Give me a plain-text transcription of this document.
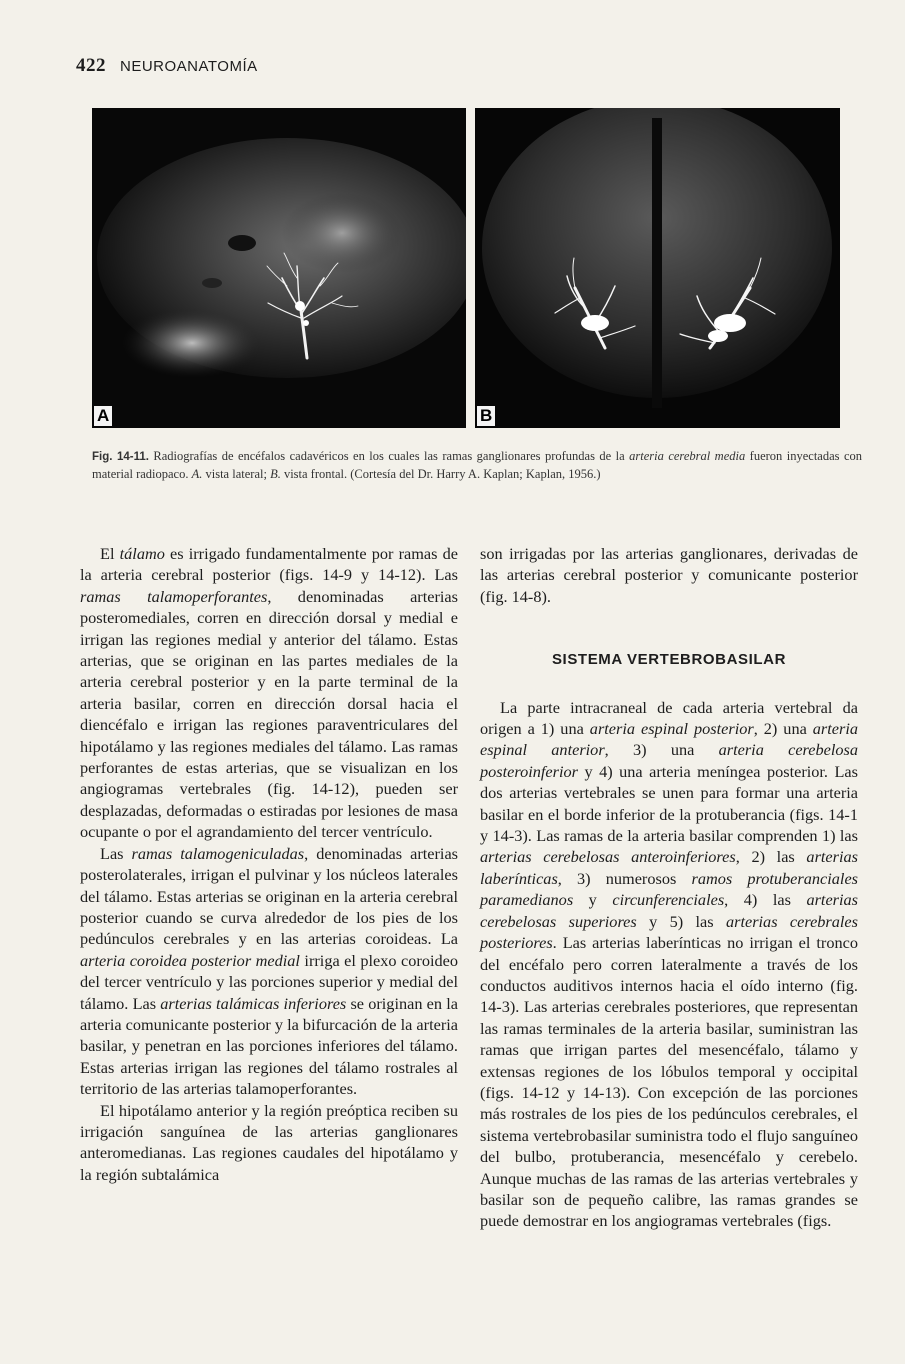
422 NEUROANATOMÍA
A	B
Fig. 14-11. Radiografías de encéfalos cadavéricos en los cuales las ramas ganglionares profundas de la arteria cerebral media fueron inyectadas con material radiopaco. A. vista lateral; B. vista frontal. (Cortesía del Dr. Harry A. Kaplan; Kaplan, 1956.)

El tálamo es irrigado fundamentalmente por ramas de la arteria cerebral posterior (figs. 14-9 y 14-12). Las ramas talamoperforantes, denominadas arterias posteromediales, corren en dirección dorsal y medial e irrigan las regiones medial y anterior del tálamo. Estas arterias, que se originan en las partes mediales de la arteria cerebral posterior y en la parte terminal de la arteria basilar, corren en dirección dorsal hacia el diencéfalo e irrigan las regiones paraventriculares del hipotálamo y las regiones mediales del tálamo. Las ramas perforantes de estas arterias, que se visualizan en los angiogramas vertebrales (fig. 14-12), pueden ser desplazadas, deformadas o estiradas por lesiones de masa ocupante o por el agrandamiento del tercer ventrículo.

Las ramas talamogeniculadas, denominadas arterias posterolaterales, irrigan el pulvinar y los núcleos laterales del tálamo. Estas arterias se originan en la arteria cerebral posterior cuando se curva alrededor de los pies de los pedúnculos cerebrales y en las arterias coroideas. La arteria coroidea posterior medial irriga el plexo coroideo del tercer ventrículo y las porciones superior y medial del tálamo. Las arterias talámicas inferiores se originan en la arteria comunicante posterior y la bifurcación de la arteria basilar, y penetran en las porciones inferiores del tálamo. Estas arterias irrigan las regiones del tálamo rostrales al territorio de las arterias talamoperforantes.

El hipotálamo anterior y la región preóptica reciben su irrigación sanguínea de las arterias ganglionares anteromedianas. Las regiones caudales del hipotálamo y la región subtalámica

son irrigadas por las arterias ganglionares, derivadas de las arterias cerebral posterior y comunicante posterior (fig. 14-8).

SISTEMA VERTEBROBASILAR

La parte intracraneal de cada arteria vertebral da origen a 1) una arteria espinal posterior, 2) una arteria espinal anterior, 3) una arteria cerebelosa posteroinferior y 4) una arteria meníngea posterior. Las dos arterias vertebrales se unen para formar una arteria basilar en el borde inferior de la protuberancia (figs. 14-1 y 14-3). Las ramas de la arteria basilar comprenden 1) las arterias cerebelosas anteroinferiores, 2) las arterias laberínticas, 3) numerosos ramos protuberanciales paramedianos y circunferenciales, 4) las arterias cerebelosas superiores y 5) las arterias cerebrales posteriores. Las arterias laberínticas no irrigan el tronco del encéfalo pero corren lateralmente a través de los conductos auditivos internos hacia el oído interno (fig. 14-3). Las arterias cerebrales posteriores, que representan las ramas terminales de la arteria basilar, suministran las ramas que irrigan partes del mesencéfalo, tálamo y extensas regiones de los lóbulos temporal y occipital (figs. 14-12 y 14-13). Con excepción de las porciones más rostrales de los pies de los pedúnculos cerebrales, el sistema vertebrobasilar suministra todo el flujo sanguíneo del bulbo, protuberancia, mesencéfalo y cerebelo. Aunque muchas de las ramas de las arterias vertebrales y basilar son de pequeño calibre, las ramas grandes se puede demostrar en los angiogramas vertebrales (figs.
